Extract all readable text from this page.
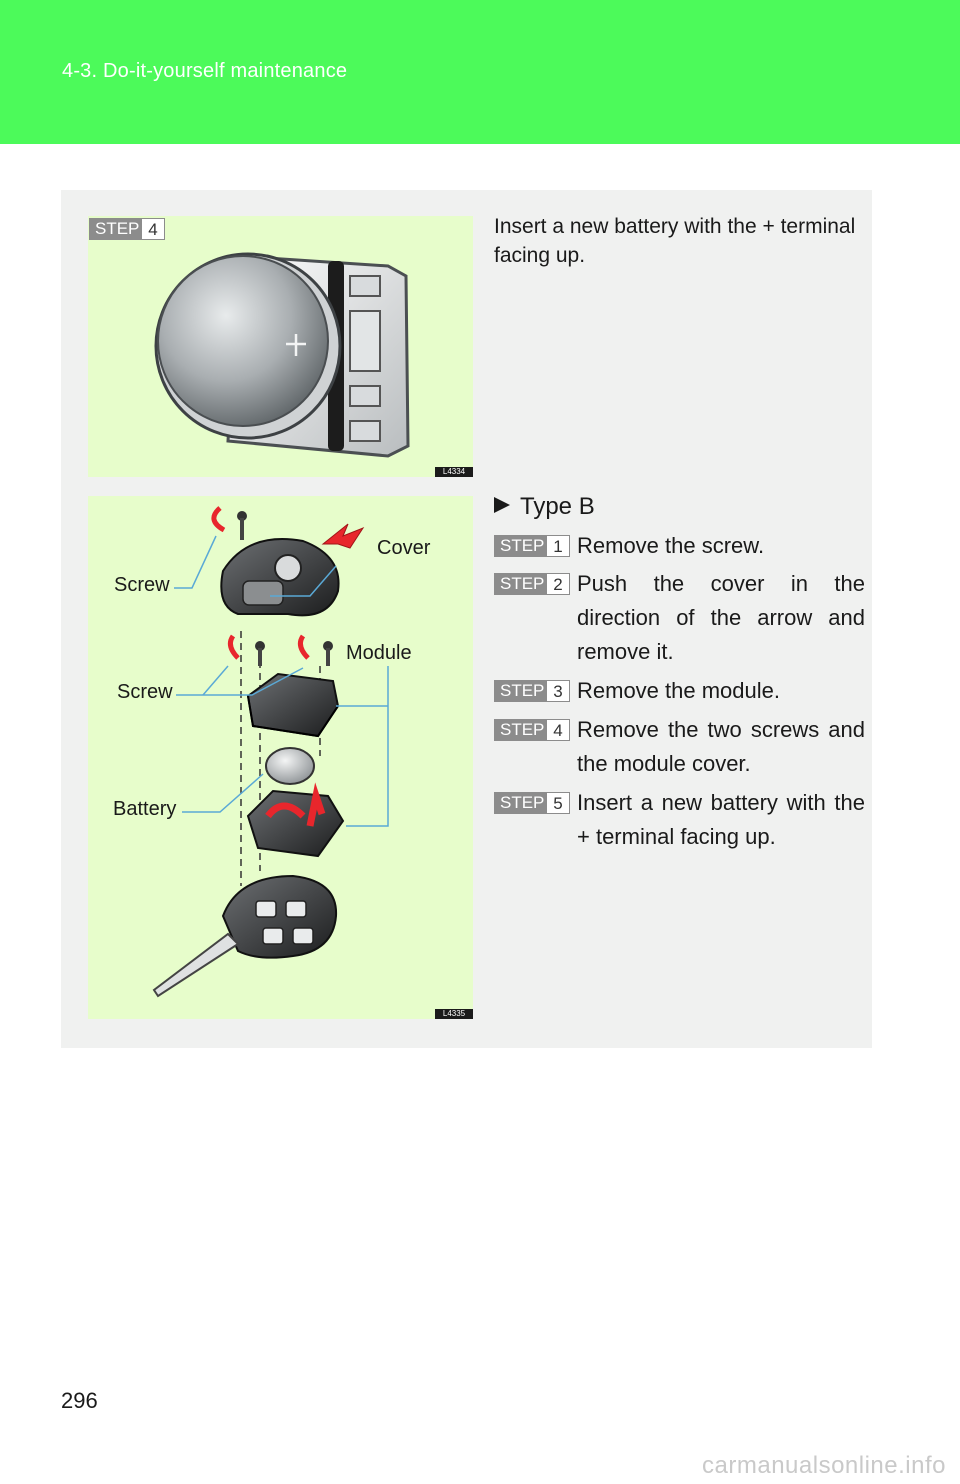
4-3. Do-it-yourself maintenance
L4334
STEP 4	Insert a new battery with the + terminal facing up.
Cover
Screw
Module
Screw
Battery
L4335
Type B
STEP 1 Remove the screw.
STEP 2 Push the cover in the direction of the arrow and remove it.
STEP 3 Remove the module.
STEP 4 Remove the two screws and the module cover.
STEP 5 Insert a new battery with the + terminal facing up.
296
carmanualsonline.info
